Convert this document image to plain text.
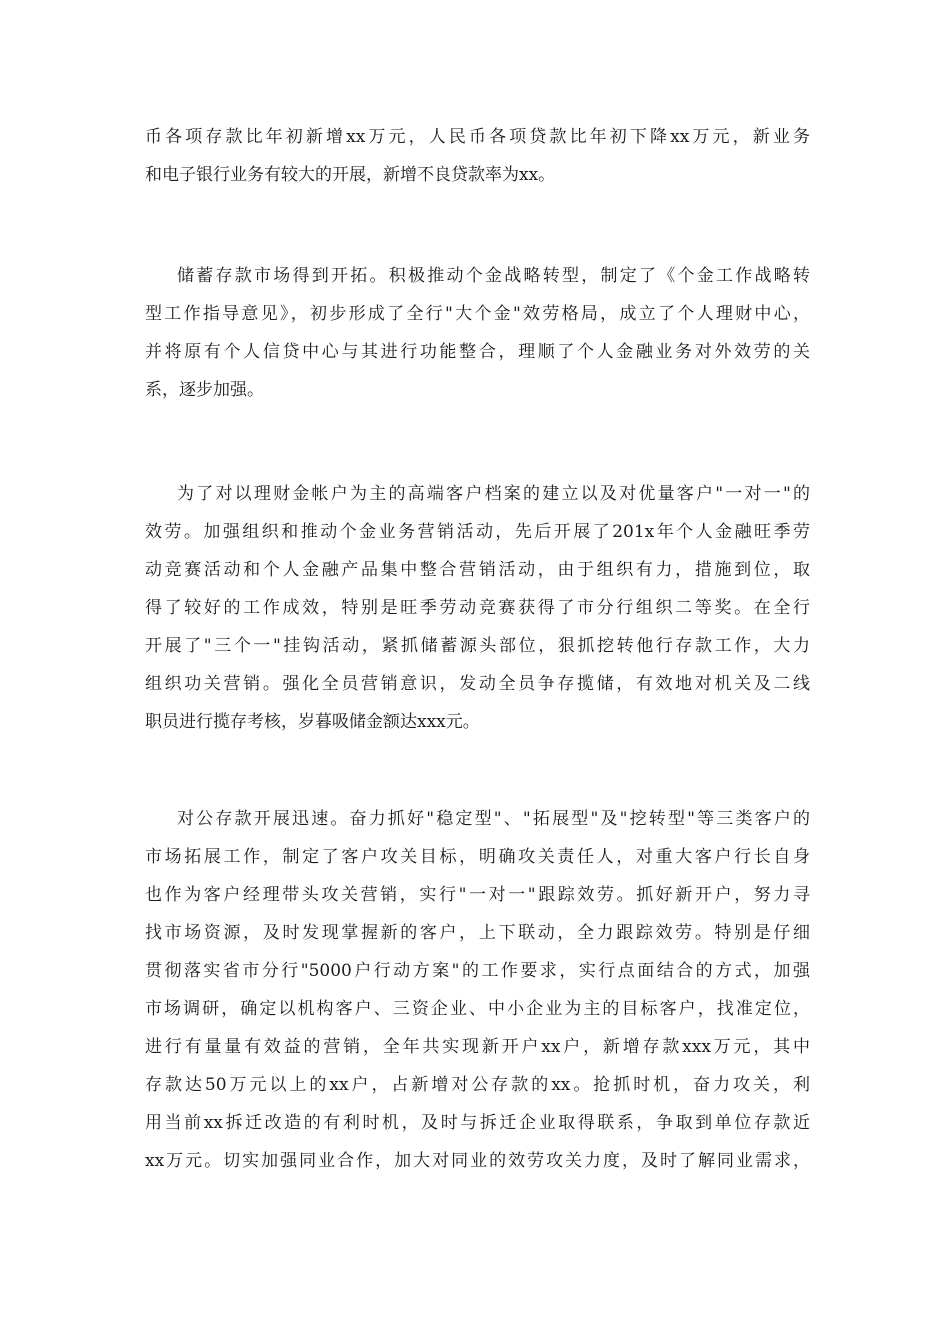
币各项存款比年初新增xx万元，人民币各项贷款比年初下降xx万元，新业务
和电子银行业务有较大的开展，新增不良贷款率为xx。
储蓄存款市场得到开拓。积极推动个金战略转型，制定了《个金工作战略转
型工作指导意见》，初步形成了全行"大个金"效劳格局，成立了个人理财中心，
并将原有个人信贷中心与其进行功能整合，理顺了个人金融业务对外效劳的关
系，逐步加强。
为了对以理财金帐户为主的高端客户档案的建立以及对优量客户"一对一"的
效劳。加强组织和推动个金业务营销活动，先后开展了201x年个人金融旺季劳
动竞赛活动和个人金融产品集中整合营销活动，由于组织有力，措施到位，取
得了较好的工作成效，特别是旺季劳动竞赛获得了市分行组织二等奖。在全行
开展了"三个一"挂钩活动，紧抓储蓄源头部位，狠抓挖转他行存款工作，大力
组织功关营销。强化全员营销意识，发动全员争存揽储，有效地对机关及二线
职员进行揽存考核，岁暮吸储金额达xxx元。
对公存款开展迅速。奋力抓好"稳定型"、"拓展型"及"挖转型"等三类客户的
市场拓展工作，制定了客户攻关目标，明确攻关责任人，对重大客户行长自身
也作为客户经理带头攻关营销，实行"一对一"跟踪效劳。抓好新开户，努力寻
找市场资源，及时发现掌握新的客户，上下联动，全力跟踪效劳。特别是仔细
贯彻落实省市分行"5000户行动方案"的工作要求，实行点面结合的方式，加强
市场调研，确定以机构客户、三资企业、中小企业为主的目标客户，找准定位，
进行有量量有效益的营销，全年共实现新开户xx户，新增存款xxx万元，其中
存款达50万元以上的xx户，占新增对公存款的xx。抢抓时机，奋力攻关，利
用当前xx拆迁改造的有利时机，及时与拆迁企业取得联系，争取到单位存款近
xx万元。切实加强同业合作，加大对同业的效劳攻关力度，及时了解同业需求，
